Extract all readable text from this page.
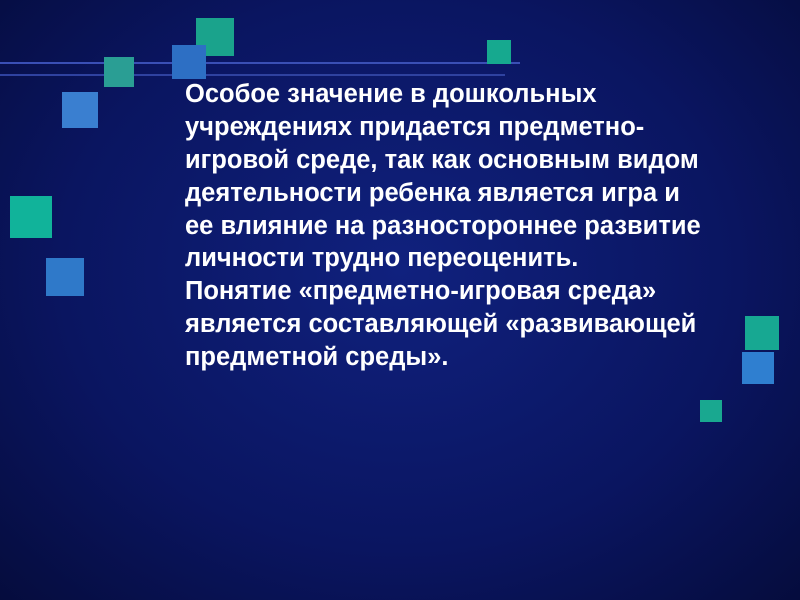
Особое значение в дошкольных учреждениях придается предметно-игровой среде, так как основным видом деятельности ребенка является игра и ее влияние на разностороннее развитие личности трудно переоценить.

Понятие «предметно-игровая среда» является составляющей «развивающей предметной среды».
